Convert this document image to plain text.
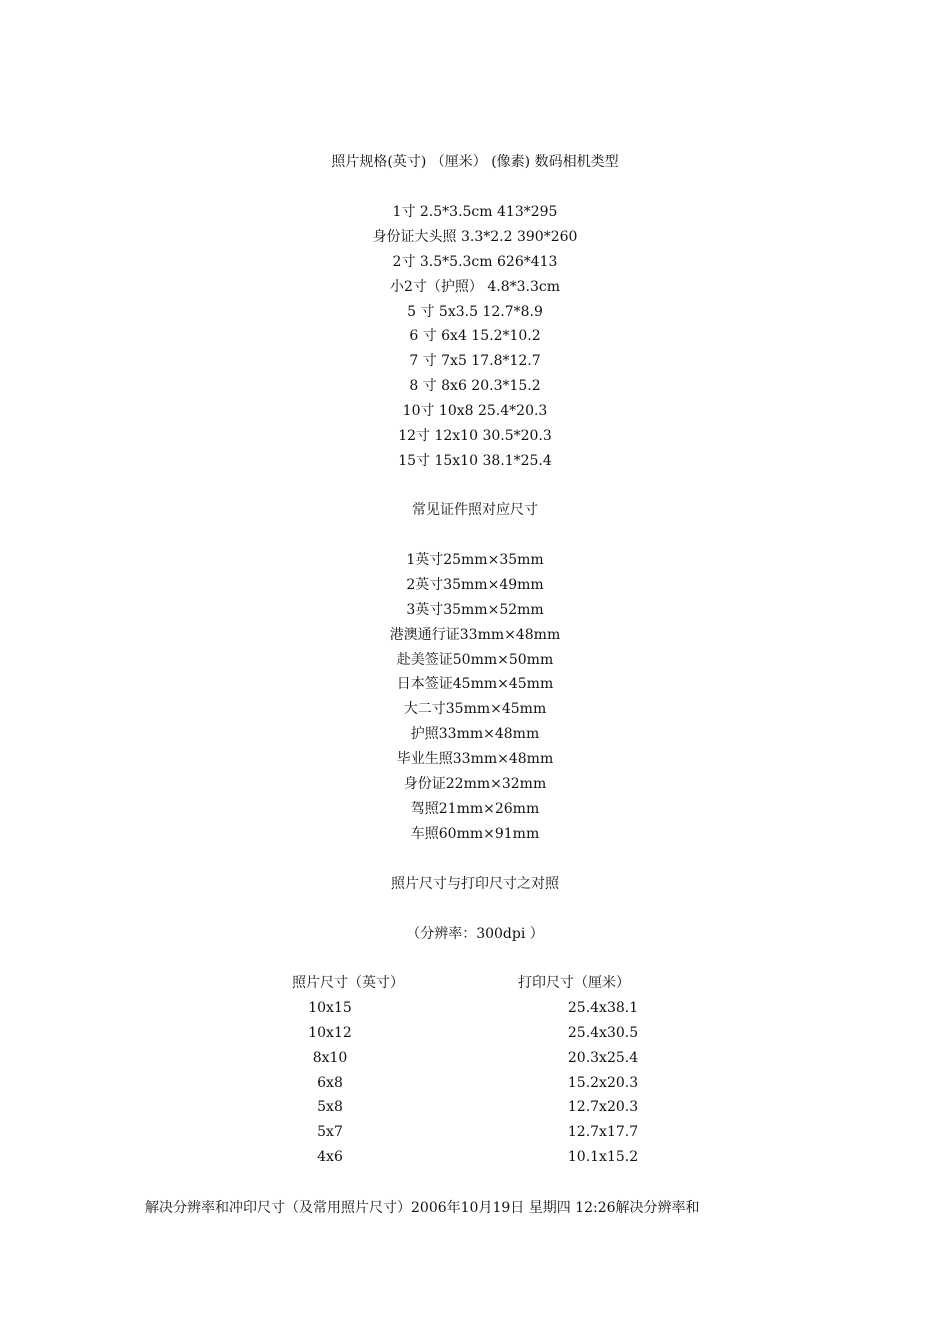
照片规格(英寸) （厘米） (像素) 数码相机类型
1寸 2.5*3.5cm 413*295
身份证大头照 3.3*2.2 390*260
2寸 3.5*5.3cm 626*413
小2寸（护照） 4.8*3.3cm
5 寸 5x3.5 12.7*8.9
6 寸 6x4 15.2*10.2
7 寸 7x5 17.8*12.7
8 寸 8x6 20.3*15.2
10寸 10x8 25.4*20.3
12寸 12x10 30.5*20.3
15寸 15x10 38.1*25.4
常见证件照对应尺寸
1英寸25mm×35mm
2英寸35mm×49mm
3英寸35mm×52mm
港澳通行证33mm×48mm
赴美签证50mm×50mm
日本签证45mm×45mm
大二寸35mm×45mm
护照33mm×48mm
毕业生照33mm×48mm
身份证22mm×32mm
驾照21mm×26mm
车照60mm×91mm
照片尺寸与打印尺寸之对照
（分辨率：300dpi ）
照片尺寸（英寸）	打印尺寸（厘米）
10x15	25.4x38.1
10x12	25.4x30.5
8x10	20.3x25.4
6x8	15.2x20.3
5x8	12.7x20.3
5x7	12.7x17.7
4x6	10.1x15.2
解决分辨率和冲印尺寸（及常用照片尺寸）2006年10月19日 星期四 12:26解决分辨率和
